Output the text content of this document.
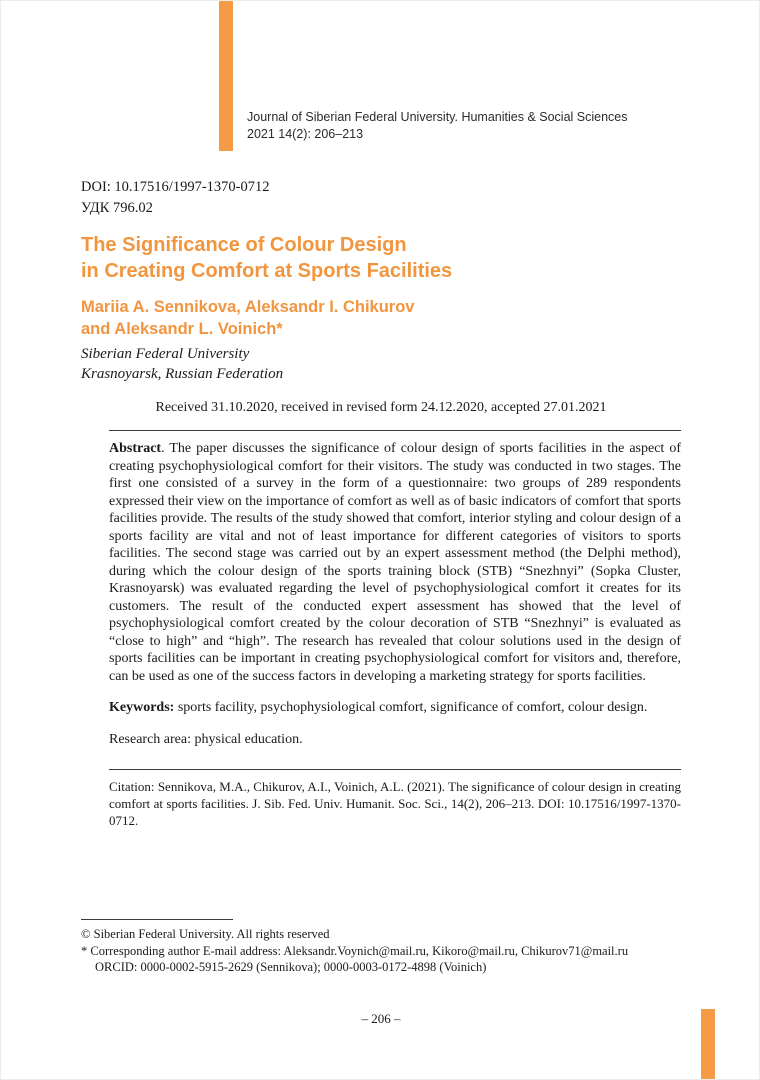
Journal of Siberian Federal University. Humanities & Social Sciences
2021 14(2): 206–213
DOI: 10.17516/1997-1370-0712
УДК 796.02
The Significance of Colour Design
in Creating Comfort at Sports Facilities
Mariia A. Sennikova, Aleksandr I. Chikurov
and Aleksandr L. Voinich*
Siberian Federal University
Krasnoyarsk, Russian Federation
Received 31.10.2020, received in revised form 24.12.2020, accepted 27.01.2021
Abstract. The paper discusses the significance of colour design of sports facilities in the aspect of creating psychophysiological comfort for their visitors. The study was conducted in two stages. The first one consisted of a survey in the form of a questionnaire: two groups of 289 respondents expressed their view on the importance of comfort as well as of basic indicators of comfort that sports facilities provide. The results of the study showed that comfort, interior styling and colour design of a sports facility are vital and not of least importance for different categories of visitors to sports facilities. The second stage was carried out by an expert assessment method (the Delphi method), during which the colour design of the sports training block (STB) “Snezhnyi” (Sopka Cluster, Krasnoyarsk) was evaluated regarding the level of psychophysiological comfort it creates for its customers. The result of the conducted expert assessment has showed that the level of psychophysiological comfort created by the colour decoration of STB “Snezhnyi” is evaluated as “close to high” and “high”. The research has revealed that colour solutions used in the design of sports facilities can be important in creating psychophysiological comfort for visitors and, therefore, can be used as one of the success factors in developing a marketing strategy for sports facilities.
Keywords: sports facility, psychophysiological comfort, significance of comfort, colour design.
Research area: physical education.
Citation: Sennikova, M.A., Chikurov, A.I., Voinich, A.L. (2021). The significance of colour design in creating comfort at sports facilities. J. Sib. Fed. Univ. Humanit. Soc. Sci., 14(2), 206–213. DOI: 10.17516/1997-1370-0712.
© Siberian Federal University. All rights reserved
* Corresponding author E-mail address: Aleksandr.Voynich@mail.ru, Kikoro@mail.ru, Chikurov71@mail.ru
ORCID: 0000-0002-5915-2629 (Sennikova); 0000-0003-0172-4898 (Voinich)
– 206 –
